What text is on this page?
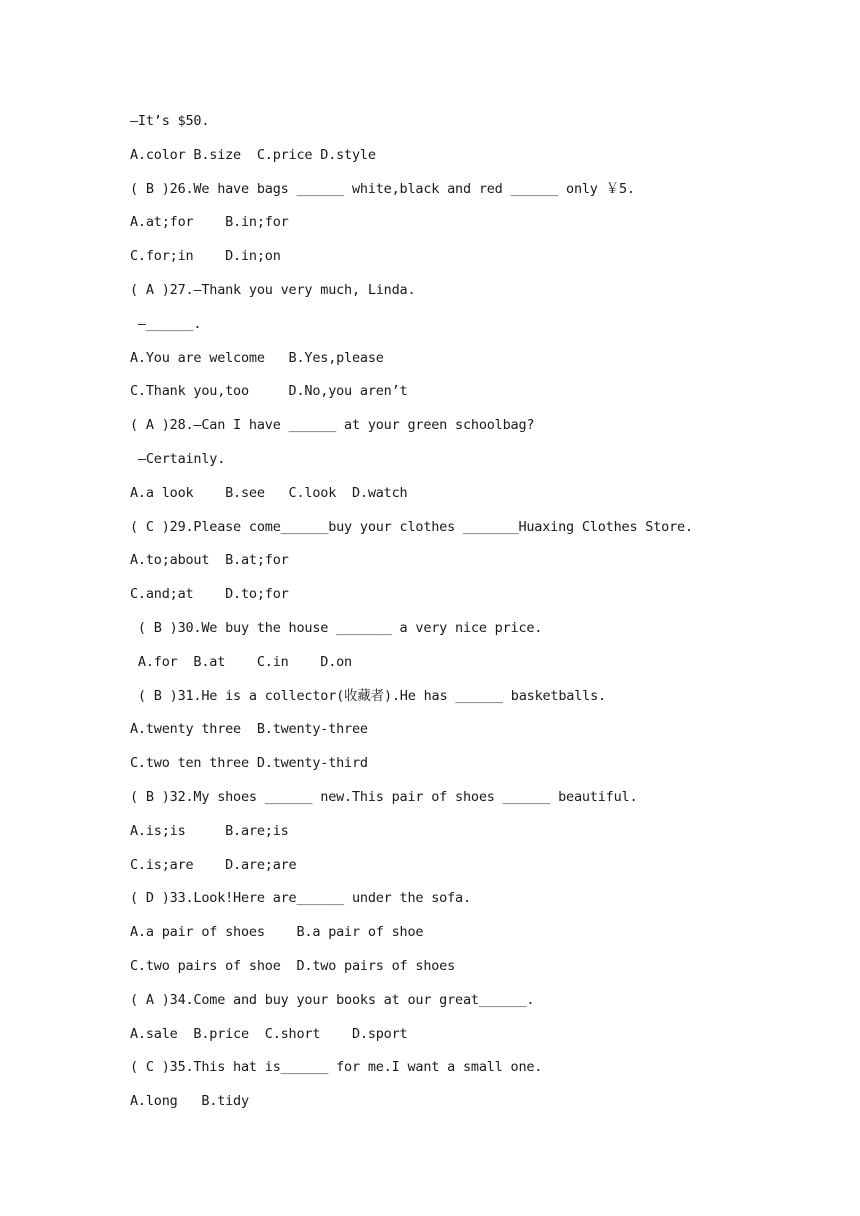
—It’s $50.
A.color B.size  C.price D.style
( B )26.We have bags ______ white,black and red ______ only ￥5.
A.at;for    B.in;for
C.for;in    D.in;on
( A )27.—Thank you very much, Linda.
—______.
A.You are welcome   B.Yes,please
C.Thank you,too     D.No,you aren’t
( A )28.—Can I have ______ at your green schoolbag?
—Certainly.
A.a look    B.see   C.look  D.watch
( C )29.Please come______buy your clothes _______Huaxing Clothes Store.
A.to;about  B.at;for
C.and;at    D.to;for
( B )30.We buy the house _______ a very nice price.
A.for  B.at    C.in    D.on
( B )31.He is a collector(收藏者).He has ______ basketballs.
A.twenty three  B.twenty-three
C.two ten three D.twenty-third
( B )32.My shoes ______ new.This pair of shoes ______ beautiful.
A.is;is     B.are;is
C.is;are    D.are;are
( D )33.Look!Here are______ under the sofa.
A.a pair of shoes    B.a pair of shoe
C.two pairs of shoe  D.two pairs of shoes
( A )34.Come and buy your books at our great______.
A.sale  B.price  C.short    D.sport
( C )35.This hat is______ for me.I want a small one.
A.long   B.tidy
